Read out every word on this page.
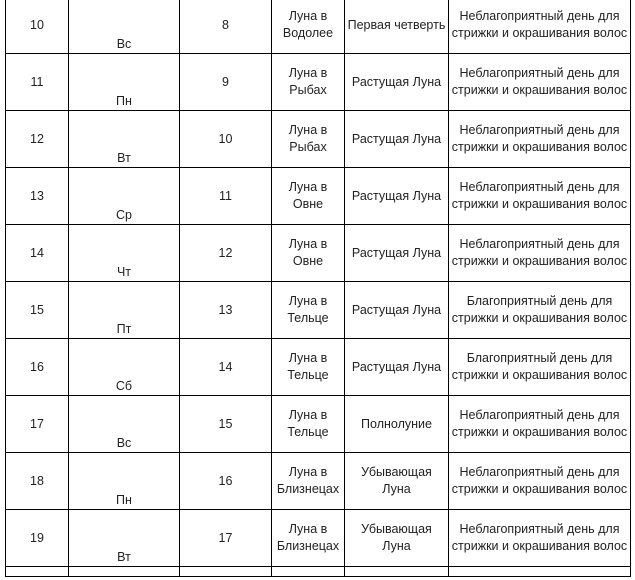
10	Вс	8	Луна в Водолее	Первая четверть	Неблагоприятный день для стрижки и окрашивания волос
11	Пн	9	Луна в Рыбах	Растущая Луна	Неблагоприятный день для стрижки и окрашивания волос
12	Вт	10	Луна в Рыбах	Растущая Луна	Неблагоприятный день для стрижки и окрашивания волос
13	Ср	11	Луна в Овне	Растущая Луна	Неблагоприятный день для стрижки и окрашивания волос
14	Чт	12	Луна в Овне	Растущая Луна	Неблагоприятный день для стрижки и окрашивания волос
15	Пт	13	Луна в Тельце	Растущая Луна	Благоприятный день для стрижки и окрашивания волос
16	Сб	14	Луна в Тельце	Растущая Луна	Благоприятный день для стрижки и окрашивания волос
17	Вс	15	Луна в Тельце	Полнолуние	Неблагоприятный день для стрижки и окрашивания волос
18	Пн	16	Луна в Близнецах	Убывающая Луна	Неблагоприятный день для стрижки и окрашивания волос
19	Вт	17	Луна в Близнецах	Убывающая Луна	Неблагоприятный день для стрижки и окрашивания волос
